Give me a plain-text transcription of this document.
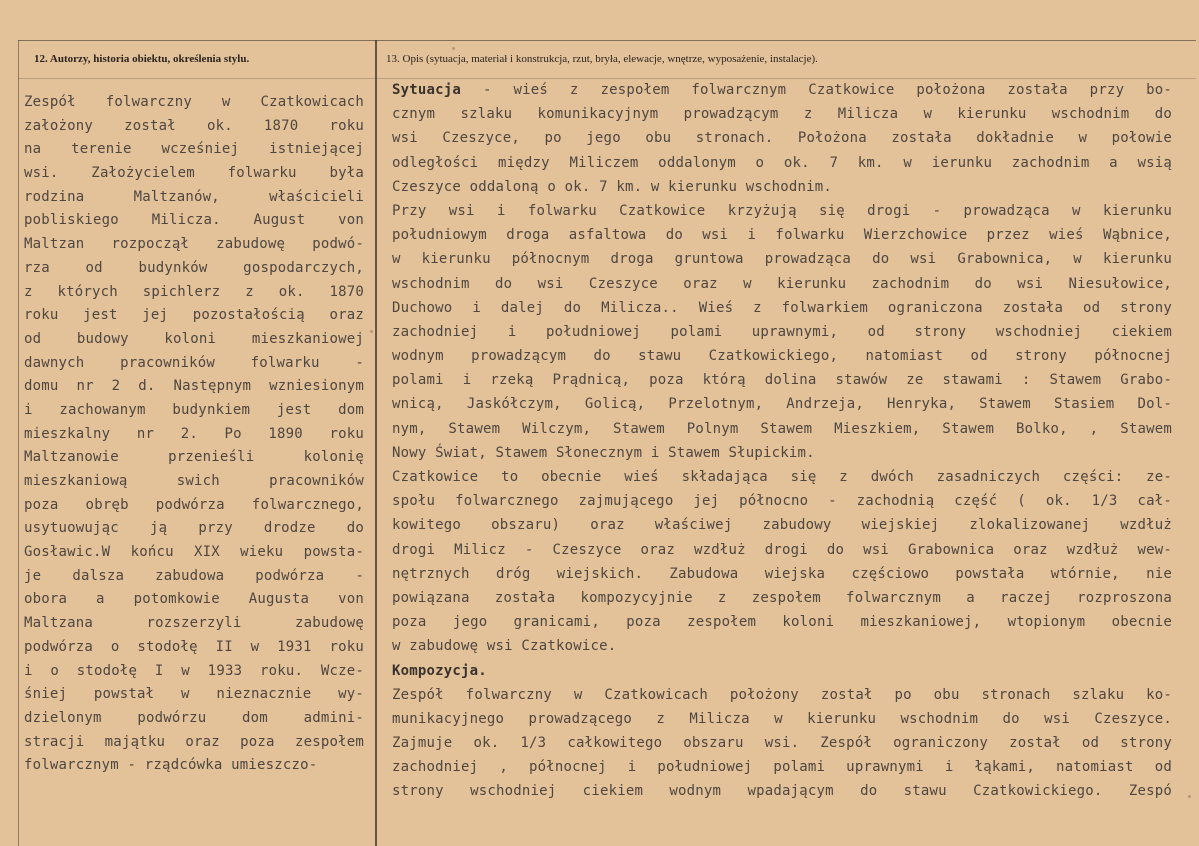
12. Autorzy, historia obiektu, określenia stylu.	13. Opis (sytuacja, materiał i konstrukcja, rzut, bryła, elewacje, wnętrze, wyposażenie, instalacje).
Zespół folwarczny w Czatkowicach
założony został ok. 1870 roku
na terenie wcześniej istniejącej
wsi. Założycielem folwarku była
rodzina Maltzanów, właścicieli
pobliskiego Milicza. August von
Maltzan rozpoczął zabudowę podwó-
rza od budynków gospodarczych,
z których spichlerz z ok. 1870
roku jest jej pozostałością oraz
od budowy koloni mieszkaniowej
dawnych pracowników folwarku -
domu nr 2 d. Następnym wzniesionym
i zachowanym budynkiem jest dom
mieszkalny nr 2. Po 1890 roku
Maltzanowie przenieśli kolonię
mieszkaniową swich pracowników
poza obręb podwórza folwarcznego,
usytuowując ją przy drodze do
Gosławic.W końcu XIX wieku powsta-
je dalsza zabudowa podwórza -
obora a potomkowie Augusta von
Maltzana rozszerzyli zabudowę
podwórza o stodołę II w 1931 roku
i o stodołę I w 1933 roku. Wcze-
śniej powstał w nieznacznie wy-
dzielonym podwórzu dom admini-
stracji majątku oraz poza zespołem
folwarcznym - rządcówka umieszczo-
Sytuacja - wieś z zespołem folwarcznym Czatkowice położona została przy bo-
cznym szlaku komunikacyjnym prowadzącym z Milicza w kierunku wschodnim do
wsi Czeszyce, po jego obu stronach. Położona została dokładnie w połowie
odległości między Miliczem oddalonym o ok. 7 km. w ierunku zachodnim a wsią
Czeszyce oddaloną o ok. 7 km. w kierunku wschodnim.
Przy wsi i folwarku Czatkowice krzyżują się drogi - prowadząca w kierunku
południowym droga asfaltowa do wsi i folwarku Wierzchowice przez wieś Wąbnice,
w kierunku północnym droga gruntowa prowadząca do wsi Grabownica, w kierunku
wschodnim do wsi Czeszyce oraz w kierunku zachodnim do wsi Niesułowice,
Duchowo i dalej do Milicza.. Wieś z folwarkiem ograniczona została od strony
zachodniej i południowej polami uprawnymi, od strony wschodniej ciekiem
wodnym prowadzącym do stawu Czatkowickiego, natomiast od strony północnej
polami i rzeką Prądnicą, poza którą dolina stawów ze stawami : Stawem Grabo-
wnicą, Jaskółczym, Golicą, Przelotnym, Andrzeja, Henryka, Stawem Stasiem Dol-
nym, Stawem Wilczym, Stawem Polnym Stawem Mieszkiem, Stawem Bolko, , Stawem
Nowy Świat, Stawem Słonecznym i Stawem Słupickim.
Czatkowice to obecnie wieś składająca się z dwóch zasadniczych części: ze-
społu folwarcznego zajmującego jej północno - zachodnią część ( ok. 1/3 cał-
kowitego obszaru) oraz właściwej zabudowy wiejskiej zlokalizowanej wzdłuż
drogi Milicz - Czeszyce oraz wzdłuż drogi do wsi Grabownica oraz wzdłuż wew-
nętrznych dróg wiejskich. Zabudowa wiejska częściowo powstała wtórnie, nie
powiązana została kompozycyjnie z zespołem folwarcznym a raczej rozproszona
poza jego granicami, poza zespołem koloni mieszkaniowej, wtopionym obecnie
w zabudowę wsi Czatkowice.
Kompozycja.
Zespół folwarczny w Czatkowicach położony został po obu stronach szlaku ko-
munikacyjnego prowadzącego z Milicza w kierunku wschodnim do wsi Czeszyce.
Zajmuje ok. 1/3 całkowitego obszaru wsi. Zespół ograniczony został od strony
zachodniej , północnej i południowej polami uprawnymi i łąkami, natomiast od
strony wschodniej ciekiem wodnym wpadającym do stawu Czatkowickiego. Zespó
